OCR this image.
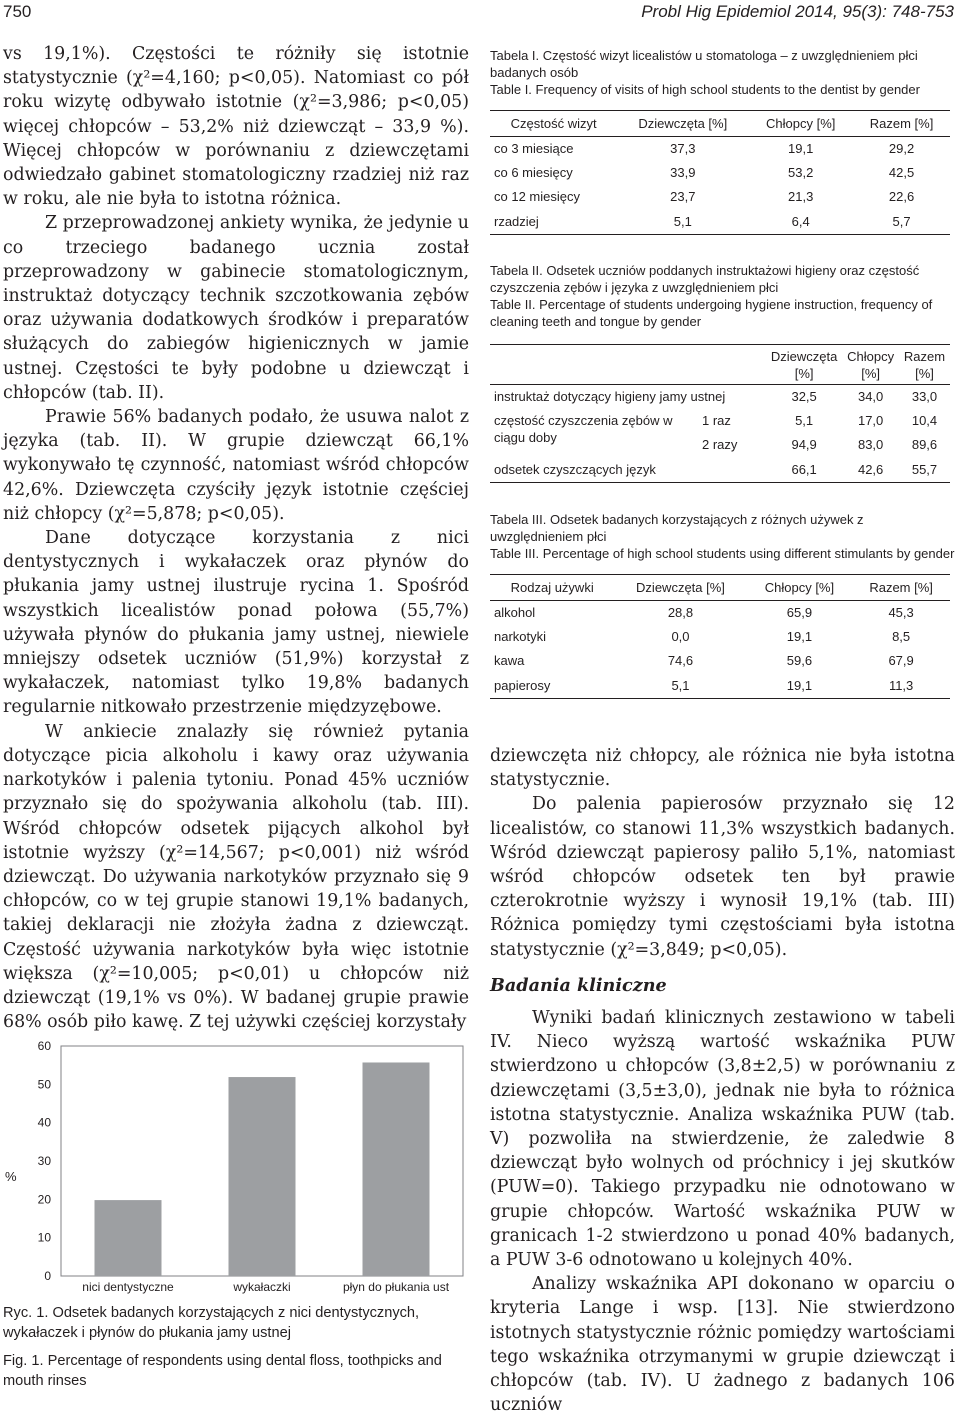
750	Probl Hig Epidemiol 2014, 95(3): 748-753

vs 19,1%). Częstości te różniły się istotnie statystycznie (χ²=4,160; p<0,05). Natomiast co pół roku wizytę odbywało istotnie (χ²=3,986; p<0,05) więcej chłopców – 53,2% niż dziewcząt – 33,9 %). Więcej chłopców w porównaniu z dziewczętami odwiedzało gabinet stomatologiczny rzadziej niż raz w roku, ale nie była to istotna różnica.

Z przeprowadzonej ankiety wynika, że jedynie u co trzeciego badanego ucznia został przeprowadzony w gabinecie stomatologicznym, instruktaż dotyczący technik szczotkowania zębów oraz używania dodatkowych środków i preparatów służących do zabiegów higienicznych w jamie ustnej. Częstości te były podobne u dziewcząt i chłopców (tab. II).

Prawie 56% badanych podało, że usuwa nalot z języka (tab. II). W grupie dziewcząt 66,1% wykonywało tę czynność, natomiast wśród chłopców 42,6%. Dziewczęta czyściły język istotnie częściej niż chłopcy (χ²=5,878; p<0,05).

Dane dotyczące korzystania z nici dentystycznych i wykałaczek oraz płynów do płukania jamy ustnej ilustruje rycina 1. Spośród wszystkich licealistów ponad połowa (55,7%) używała płynów do płukania jamy ustnej, niewiele mniejszy odsetek uczniów (51,9%) korzystał z wykałaczek, natomiast tylko 19,8% badanych regularnie nitkowało przestrzenie międzyzębowe.

W ankiecie znalazły się również pytania dotyczące picia alkoholu i kawy oraz używania narkotyków i palenia tytoniu. Ponad 45% uczniów przyznało się do spożywania alkoholu (tab. III). Wśród chłopców odsetek pijących alkohol był istotnie wyższy (χ²=14,567; p<0,001) niż wśród dziewcząt. Do używania narkotyków przyznało się 9 chłopców, co w tej grupie stanowi 19,1% badanych, takiej deklaracji nie złożyła żadna z dziewcząt. Częstość używania narkotyków była więc istotnie większa (χ²=10,005; p<0,01) u chłopców niż dziewcząt (19,1% vs 0%). W badanej grupie prawie 68% osób piło kawę. Z tej używki częściej korzystały

Tabela I. Częstość wizyt licealistów u stomatologa – z uwzględnieniem płci badanych osób

Table I. Frequency of visits of high school students to the dentist by gender

Częstość wizyt	Dziewczęta [%]	Chłopcy [%]	Razem [%]
co 3 miesiące	37,3	19,1	29,2
co 6 miesięcy	33,9	53,2	42,5
co 12 miesięcy	23,7	21,3	22,6
rzadziej	5,1	6,4	5,7

Tabela II. Odsetek uczniów poddanych instruktażowi higieny oraz częstość czyszczenia zębów i języka z uwzględnieniem płci

Table II. Percentage of students undergoing hygiene instruction, frequency of cleaning teeth and tongue by gender

		Dziewczęta [%]	Chłopcy [%]	Razem [%]
instruktaż dotyczący higieny jamy ustnej		32,5	34,0	33,0
częstość czyszczenia zębów w ciągu doby	1 raz	5,1	17,0	10,4
	2 razy	94,9	83,0	89,6
odsetek czyszczących język		66,1	42,6	55,7

Tabela III. Odsetek badanych korzystających z różnych używek z uwzględnieniem płci

Table III. Percentage of high school students using different stimulants by gender

Rodzaj używki	Dziewczęta [%]	Chłopcy [%]	Razem [%]
alkohol	28,8	65,9	45,3
narkotyki	0,0	19,1	8,5
kawa	74,6	59,6	67,9
papierosy	5,1	19,1	11,3
%
0
10
20
30
40
50
60
nici dentystyczne	wykałaczki	płyn do płukania ust

Ryc. 1. Odsetek badanych korzystających z nici dentystycznych, wykałaczek i płynów do płukania jamy ustnej

Fig. 1. Percentage of respondents using dental floss, toothpicks and mouth rinses

dziewczęta niż chłopcy, ale różnica nie była istotna statystycznie.

Do palenia papierosów przyznało się 12 licealistów, co stanowi 11,3% wszystkich badanych. Wśród dziewcząt papierosy paliło 5,1%, natomiast wśród chłopców odsetek ten był prawie czterokrotnie wyższy i wynosił 19,1% (tab. III) Różnica pomiędzy tymi częstościami była istotna statystycznie (χ²=3,849; p<0,05).

Badania kliniczne

Wyniki badań klinicznych zestawiono w tabeli IV. Nieco wyższą wartość wskaźnika PUW stwierdzono u chłopców (3,8±2,5) w porównaniu z dziewczętami (3,5±3,0), jednak nie była to różnica istotna statystycznie. Analiza wskaźnika PUW (tab. V) pozwoliła na stwierdzenie, że zaledwie 8 dziewcząt było wolnych od próchnicy i jej skutków (PUW=0). Takiego przypadku nie odnotowano w grupie chłopców. Wartość wskaźnika PUW w granicach 1-2 stwierdzono u ponad 40% badanych, a PUW 3-6 odnotowano u kolejnych 40%.

Analizy wskaźnika API dokonano w oparciu o kryteria Lange i wsp. [13]. Nie stwierdzono istotnych statystycznie różnic pomiędzy wartościami tego wskaźnika otrzymanymi w grupie dziewcząt i chłopców (tab. IV). U żadnego z badanych 106 uczniów
